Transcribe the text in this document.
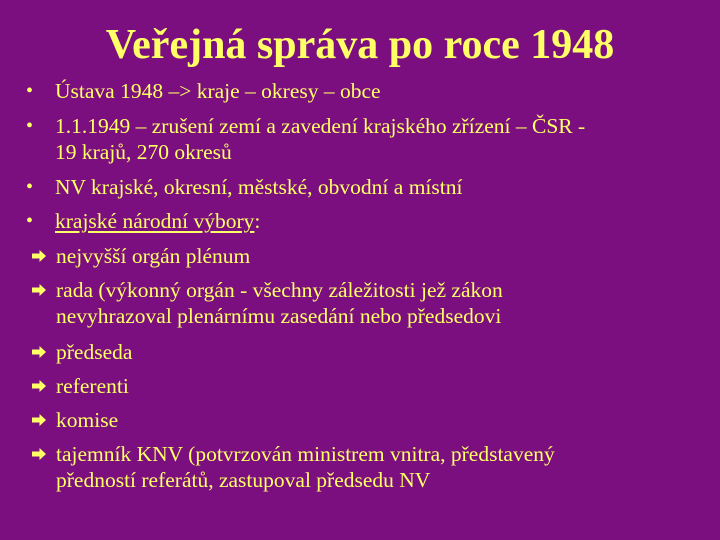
Veřejná správa po roce 1948
• Ústava 1948 –> kraje – okresy – obce
• 1.1.1949 – zrušení zemí a zavedení krajského zřízení – ČSR -
19 krajů, 270 okresů
• NV krajské, okresní, městské, obvodní a místní
• krajské národní výbory:
nejvyšší orgán plénum
rada (výkonný orgán - všechny záležitosti jež zákon
nevyhrazoval plenárnímu zasedání nebo předsedovi
předseda
referenti
komise
tajemník KNV (potvrzován ministrem vnitra, představený
předností referátů, zastupoval předsedu NV
